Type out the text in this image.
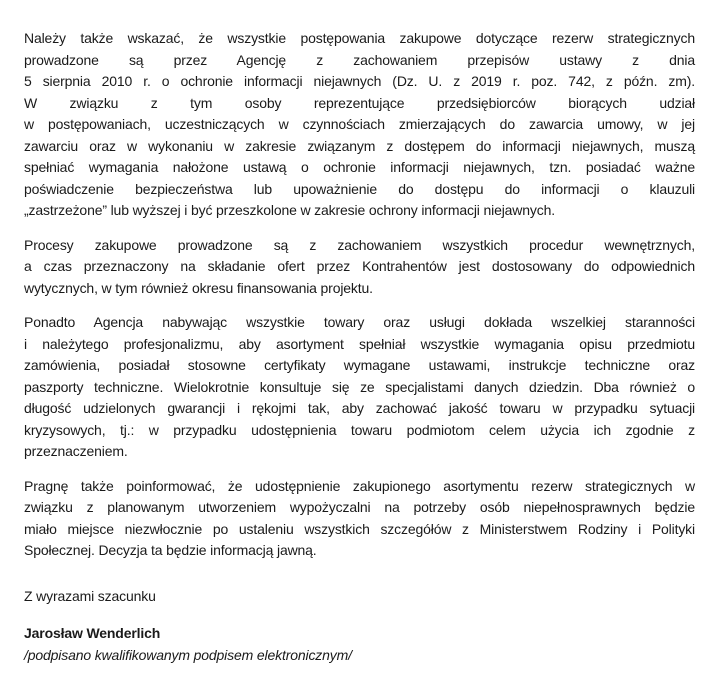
Należy także wskazać, że wszystkie postępowania zakupowe dotyczące rezerw strategicznych
prowadzone są przez Agencję z zachowaniem przepisów ustawy z dnia
5 sierpnia 2010 r. o ochronie informacji niejawnych (Dz. U. z 2019 r. poz. 742, z późn. zm).
W związku z tym osoby reprezentujące przedsiębiorców biorących udział
w postępowaniach, uczestniczących w czynnościach zmierzających do zawarcia umowy, w jej
zawarciu oraz w wykonaniu w zakresie związanym z dostępem do informacji niejawnych, muszą
spełniać wymagania nałożone ustawą o ochronie informacji niejawnych, tzn. posiadać ważne
poświadczenie bezpieczeństwa lub upoważnienie do dostępu do informacji o klauzuli
„zastrzeżone” lub wyższej i być przeszkolone w zakresie ochrony informacji niejawnych.

Procesy zakupowe prowadzone są z zachowaniem wszystkich procedur wewnętrznych,
a czas przeznaczony na składanie ofert przez Kontrahentów jest dostosowany do odpowiednich
wytycznych, w tym również okresu finansowania projektu.

Ponadto Agencja nabywając wszystkie towary oraz usługi dokłada wszelkiej staranności
i należytego profesjonalizmu, aby asortyment spełniał wszystkie wymagania opisu przedmiotu
zamówienia, posiadał stosowne certyfikaty wymagane ustawami, instrukcje techniczne oraz
paszporty techniczne. Wielokrotnie konsultuje się ze specjalistami danych dziedzin. Dba również o
długość udzielonych gwarancji i rękojmi tak, aby zachować jakość towaru w przypadku sytuacji
kryzysowych, tj.: w przypadku udostępnienia towaru podmiotom celem użycia ich zgodnie z
przeznaczeniem.

Pragnę także poinformować, że udostępnienie zakupionego asortymentu rezerw strategicznych w
związku z planowanym utworzeniem wypożyczalni na potrzeby osób niepełnosprawnych będzie
miało miejsce niezwłocznie po ustaleniu wszystkich szczegółów z Ministerstwem Rodziny i Polityki
Społecznej. Decyzja ta będzie informacją jawną.

Z wyrazami szacunku
Jarosław Wenderlich
/podpisano kwalifikowanym podpisem elektronicznym/
